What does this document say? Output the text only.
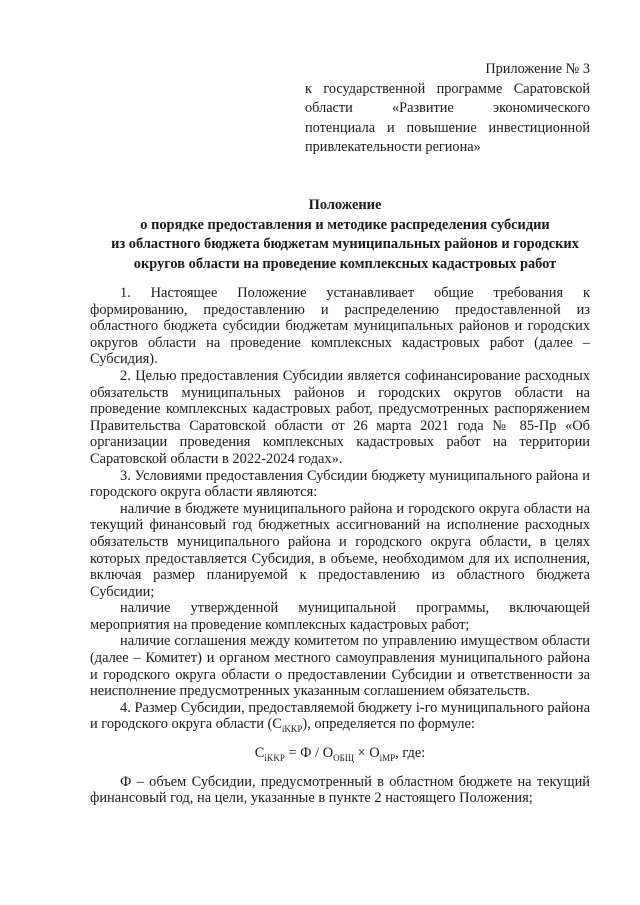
Приложение № 3
к государственной программе Саратовской области «Развитие экономического потенциала и повышение инвестиционной привлекательности региона»
Положение
о порядке предоставления и методике распределения субсидии
из областного бюджета бюджетам муниципальных районов и городских
округов области на проведение комплексных кадастровых работ

1. Настоящее Положение устанавливает общие требования к формированию, предоставлению и распределению предоставленной из областного бюджета субсидии бюджетам муниципальных районов и городских округов области на проведение комплексных кадастровых работ (далее – Субсидия).

2. Целью предоставления Субсидии является софинансирование расходных обязательств муниципальных районов и городских округов области на проведение комплексных кадастровых работ, предусмотренных распоряжением Правительства Саратовской области от 26 марта 2021 года № 85-Пр «Об организации проведения комплексных кадастровых работ на территории Саратовской области в 2022-2024 годах».

3. Условиями предоставления Субсидии бюджету муниципального района и городского округа области являются:

наличие в бюджете муниципального района и городского округа области на текущий финансовый год бюджетных ассигнований на исполнение расходных обязательств муниципального района и городского округа области, в целях которых предоставляется Субсидия, в объеме, необходимом для их исполнения, включая размер планируемой к предоставлению из областного бюджета Субсидии;

наличие утвержденной муниципальной программы, включающей мероприятия на проведение комплексных кадастровых работ;

наличие соглашения между комитетом по управлению имуществом области (далее – Комитет) и органом местного самоуправления муниципального района и городского округа области о предоставлении Субсидии и ответственности за неисполнение предусмотренных указанным соглашением обязательств.

4. Размер Субсидии, предоставляемой бюджету i-го муниципального района и городского округа области $(C_{iKKP})$, определяется по формуле:

$C_{iKKP} = Ф / O_{ОБЩ} \times O_{iMP}$, где:

Ф – объем Субсидии, предусмотренный в областном бюджете на текущий финансовый год, на цели, указанные в пункте 2 настоящего Положения;
